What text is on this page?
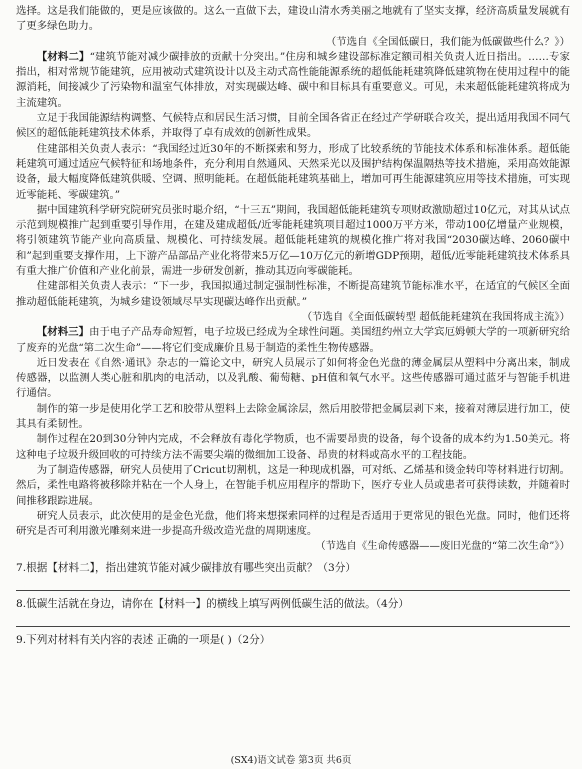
选择。这是我们能做的，更是应该做的。这么一直做下去，建设山清水秀美丽之地就有了坚实支撑，经济高质量发展就有了更多绿色助力。

（节选自《全国低碳日，我们能为低碳做些什么？》）

【材料二】“建筑节能对减少碳排放的贡献十分突出。”住房和城乡建设部标准定额司相关负责人近日指出。……专家指出，相对常规节能建筑，应用被动式建筑设计以及主动式高性能能源系统的超低能耗建筑降低建筑物在使用过程中的能源消耗，间接减少了污染物和温室气体排放，对实现碳达峰、碳中和目标具有重要意义。可见，未来超低能耗建筑将成为主流建筑。

立足于我国能源结构调整、气候特点和居民生活习惯，目前全国各省正在经过产学研联合攻关，提出适用我国不同气候区的超低能耗建筑技术体系，并取得了卓有成效的创新性成果。

住建部相关负责人表示：“我国经过近30年的不断探索和努力，形成了比较系统的节能技术体系和标准体系。超低能耗建筑可通过适应气候特征和场地条件，充分利用自然通风、天然采光以及围护结构保温隔热等技术措施，采用高效能源设备，最大幅度降低建筑供暖、空调、照明能耗。在超低能耗建筑基础上，增加可再生能源建筑应用等技术措施，可实现近零能耗、零碳建筑。”

据中国建筑科学研究院研究员张时聪介绍，“十三五”期间，我国超低能耗建筑专项财政激励超过10亿元，对其从试点示范到规模推广起到重要引导作用，在建及建成超低/近零能耗建筑项目超过1000万平方米，带动100亿增量产业规模，将引领建筑节能产业向高质量、规模化、可持续发展。超低能耗建筑的规模化推广将对我国“2030碳达峰、2060碳中和”起到重要支撑作用，上下游产品部品产业化将带来5万亿—10万亿元的新增GDP预期，超低/近零能耗建筑技术体系具有重大推广价值和产业化前景，需进一步研发创新，推动其迈向零碳能耗。

住建部相关负责人表示：“下一步，我国拟通过制定强制性标准，不断提高建筑节能标准水平，在适宜的气候区全面推动超低能耗建筑，为城乡建设领域尽早实现碳达峰作出贡献。”

（节选自《全面低碳转型 超低能耗建筑在我国将成主流》）

【材料三】由于电子产品寿命短暂，电子垃圾已经成为全球性问题。美国纽约州立大学宾厄姆顿大学的一项新研究给了废弃的光盘“第二次生命”——将它们变成廉价且易于制造的柔性生物传感器。

近日发表在《自然·通讯》杂志的一篇论文中，研究人员展示了如何将金色光盘的薄金属层从塑料中分离出来，制成传感器，以监测人类心脏和肌肉的电活动，以及乳酸、葡萄糖、pH值和氧气水平。这些传感器可通过蓝牙与智能手机进行通信。

制作的第一步是使用化学工艺和胶带从塑料上去除金属涂层，然后用胶带把金属层剥下来，接着对薄层进行加工，使其具有柔韧性。

制作过程在20到30分钟内完成，不会释放有毒化学物质，也不需要昂贵的设备，每个设备的成本约为1.50美元。将这种电子垃圾升级回收的可持续方法不需要尖端的微细加工设备、昂贵的材料或高水平的工程技能。

为了制造传感器，研究人员使用了Cricut切割机，这是一种现成机器，可对纸、乙烯基和烫金转印等材料进行切割。然后，柔性电路将被移除并粘在一个人身上，在智能手机应用程序的帮助下，医疗专业人员或患者可获得读数，并随着时间推移跟踪进展。

研究人员表示，此次使用的是金色光盘，他们将来想探索同样的过程是否适用于更常见的银色光盘。同时，他们还将研究是否可利用激光雕刻来进一步提高升级改造光盘的周期速度。

（节选自《生命传感器——废旧光盘的“第二次生命”》）

7.根据【材料二】，指出建筑节能对减少碳排放有哪些突出贡献？（3分）

8.低碳生活就在身边，请你在【材料一】的横线上填写两例低碳生活的做法。（4分）

9.下列对材料有关内容的表述 正确的一项是( )（2分）

(SX4)语文试卷 第3页 共6页
